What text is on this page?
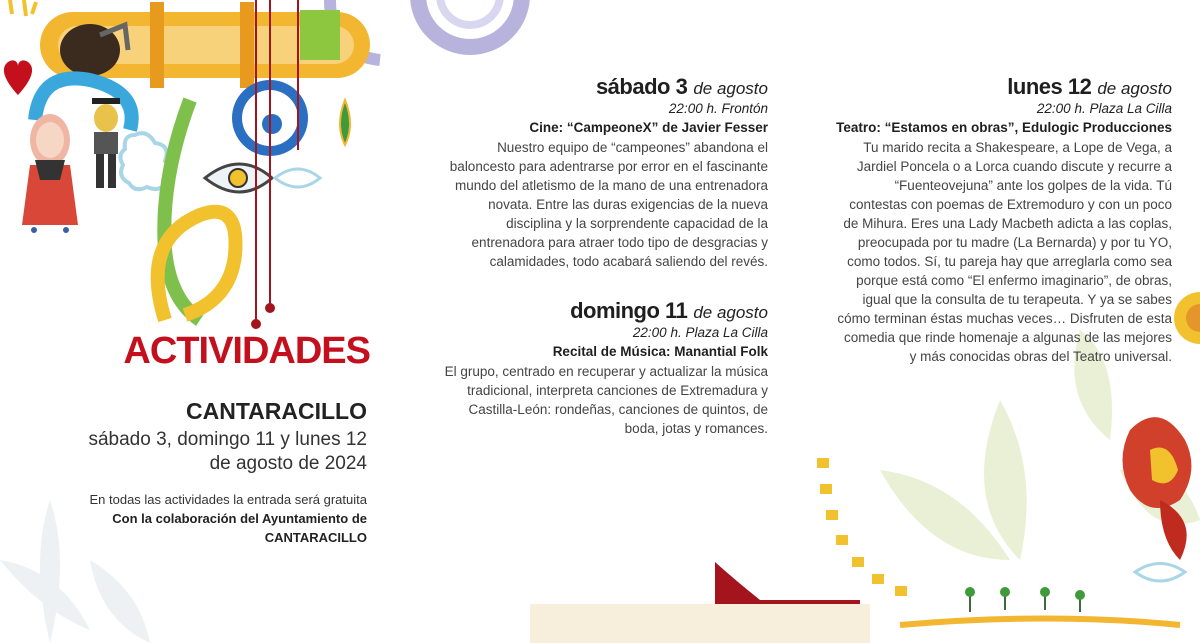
ACTIVIDADES
CANTARACILLO
sábado 3, domingo 11 y lunes 12
de agosto de 2024
En todas las actividades la entrada será gratuita
Con la colaboración del Ayuntamiento de
CANTARACILLO
sábado 3 de agosto
22:00 h. Frontón
Cine: “CampeoneX” de Javier Fesser
Nuestro equipo de “campeones” abandona el baloncesto para adentrarse por error en el fascinante mundo del atletismo de la mano de una entrenadora novata. Entre las duras exigencias de la nueva disciplina y la sorprendente capacidad de la entrenadora para atraer todo tipo de desgracias y calamidades, todo acabará saliendo del revés.
domingo 11 de agosto
22:00 h. Plaza La Cilla
Recital de Música: Manantial Folk
El grupo, centrado en recuperar y actualizar la música tradicional, interpreta canciones de Extremadura y Castilla-León: rondeñas, canciones de quintos, de boda, jotas y romances.
lunes 12 de agosto
22:00 h. Plaza La Cilla
Teatro: “Estamos en obras”, Edulogic Producciones
Tu marido recita a Shakespeare, a Lope de Vega, a Jardiel Poncela o a Lorca cuando discute y recurre a “Fuenteovejuna” ante los golpes de la vida. Tú contestas con poemas de Extremoduro y con un poco de Mihura. Eres una Lady Macbeth adicta a las coplas, preocupada por tu madre (La Bernarda) y por tu YO, como todos. Sí, tu pareja hay que arreglarla como sea porque está como “El enfermo imaginario”, de obras, igual que la consulta de tu terapeuta. Y ya se sabes cómo terminan éstas muchas veces… Disfruten de esta comedia que rinde homenaje a algunas de las mejores y más conocidas obras del Teatro universal.
